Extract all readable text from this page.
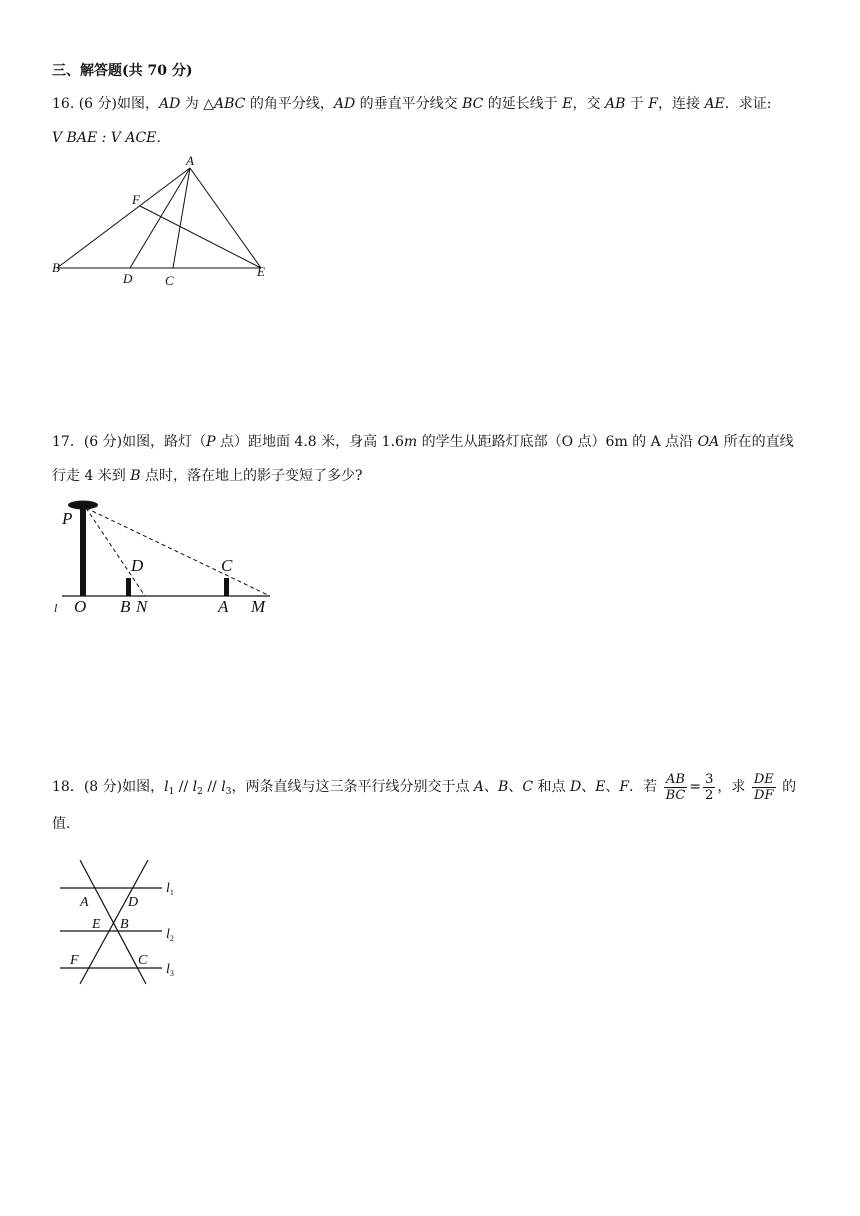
三、解答题(共 70 分)
16. (6 分)如图，AD 为 △ABC 的角平分线，AD 的垂直平分线交 BC 的延长线于 E，交 AB 于 F，连接 AE．求证:
V BAE : V ACE．
A
F
B
D	C
E
17．(6 分)如图，路灯（P 点）距地面 4.8 米，身高 1.6m 的学生从距路灯底部（O 点）6m 的 A 点沿 OA 所在的直线
行走 4 米到 B 点时，落在地上的影子变短了多少?
P
D	C
O B N	A M
l
18．(8 分)如图，$l_1 // l_2 // l_3$，两条直线与这三条平行线分别交于点 A、B、C 和点 D、E、F．若 $\frac{AB}{BC} = \frac{3}{2}$ ，求 $\frac{DE}{DF}$ 的
值．
A	D
E B
F	C
$l_1$
$l_2$
$l_3$
